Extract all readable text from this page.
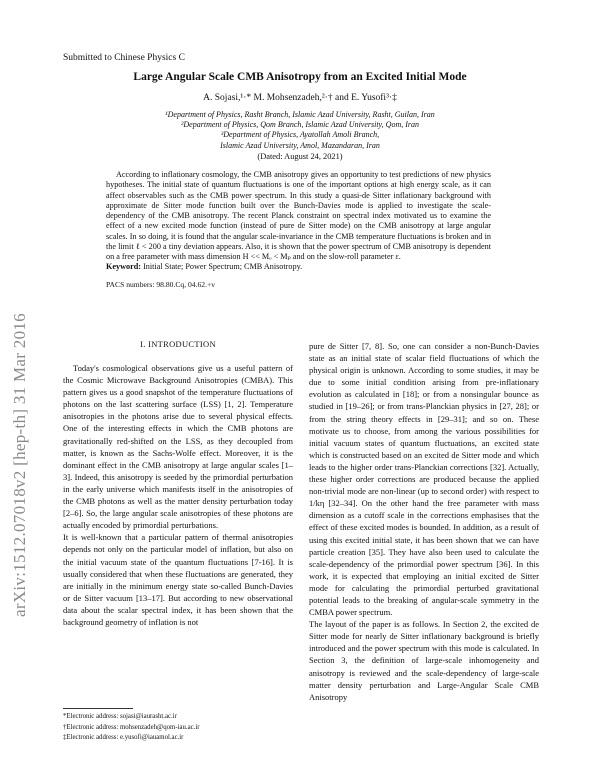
arXiv:1512.07018v2 [hep-th] 31 Mar 2016
Submitted to Chinese Physics C
Large Angular Scale CMB Anisotropy from an Excited Initial Mode
A. Sojasi,¹·* M. Mohsenzadeh,²·† and E. Yusofi³·‡
¹Department of Physics, Rasht Branch, Islamic Azad University, Rasht, Guilan, Iran
²Department of Physics, Qom Branch, Islamic Azad University, Qom, Iran
³Department of Physics, Ayatollah Amoli Branch,
Islamic Azad University, Amol, Mazandaran, Iran
(Dated: August 24, 2021)
According to inflationary cosmology, the CMB anisotropy gives an opportunity to test predictions of new physics hypotheses. The initial state of quantum fluctuations is one of the important options at high energy scale, as it can affect observables such as the CMB power spectrum. In this study a quasi-de Sitter inflationary background with approximate de Sitter mode function built over the Bunch-Davies mode is applied to investigate the scale-dependency of the CMB anisotropy. The recent Planck constraint on spectral index motivated us to examine the effect of a new excited mode function (instead of pure de Sitter mode) on the CMB anisotropy at large angular scales. In so doing, it is found that the angular scale-invariance in the CMB temperature fluctuations is broken and in the limit ℓ < 200 a tiny deviation appears. Also, it is shown that the power spectrum of CMB anisotropy is dependent on a free parameter with mass dimension H << Mₒ < Mₚ and on the slow-roll parameter ε.
Keyword: Initial State; Power Spectrum; CMB Anisotropy.
PACS numbers: 98.80.Cq, 04.62.+v
I. INTRODUCTION

Today's cosmological observations give us a useful pattern of the Cosmic Microwave Background Anisotropies (CMBA). This pattern gives us a good snapshot of the temperature fluctuations of photons on the last scattering surface (LSS) [1, 2]. Temperature anisotropies in the photons arise due to several physical effects. One of the interesting effects in which the CMB photons are gravitationally red-shifted on the LSS, as they decoupled from matter, is known as the Sachs-Wolfe effect. Moreover, it is the dominant effect in the CMB anisotropy at large angular scales [1–3]. Indeed, this anisotropy is seeded by the primordial perturbation in the early universe which manifests itself in the anisotropies of the CMB photons as well as the matter density perturbation today [2–6]. So, the large angular scale anisotropies of these photons are actually encoded by primordial perturbations.

It is well-known that a particular pattern of thermal anisotropies depends not only on the particular model of inflation, but also on the initial vacuum state of the quantum fluctuations [7-16]. It is usually considered that when these fluctuations are generated, they are initially in the minimum energy state so-called Bunch-Davies or de Sitter vacuum [13–17]. But according to new observational data about the scalar spectral index, it has been shown that the background geometry of inflation is not

pure de Sitter [7, 8]. So, one can consider a non-Bunch-Davies state as an initial state of scalar field fluctuations of which the physical origin is unknown. According to some studies, it may be due to some initial condition arising from pre-inflationary evolution as calculated in [18]; or from a nonsingular bounce as studied in [19–26]; or from trans-Planckian physics in [27, 28]; or from the string theory effects in [29–31]; and so on. These motivate us to choose, from among the various possibilities for initial vacuum states of quantum fluctuations, an excited state which is constructed based on an excited de Sitter mode and which leads to the higher order trans-Planckian corrections [32]. Actually, these higher order corrections are produced because the applied non-trivial mode are non-linear (up to second order) with respect to 1/kη [32–34]. On the other hand the free parameter with mass dimension as a cutoff scale in the corrections emphasises that the effect of these excited modes is bounded. In addition, as a result of using this excited initial state, it has been shown that we can have particle creation [35]. They have also been used to calculate the scale-dependency of the primordial power spectrum [36]. In this work, it is expected that employing an initial excited de Sitter mode for calculating the primordial perturbed gravitational potential leads to the breaking of angular-scale symmetry in the CMBA power spectrum.

The layout of the paper is as follows. In Section 2, the excited de Sitter mode for nearly de Sitter inflationary background is briefly introduced and the power spectrum with this mode is calculated. In Section 3, the definition of large-scale inhomogeneity and anisotropy is reviewed and the scale-dependency of large-scale matter density perturbation and Large-Angular Scale CMB Anisotropy

*Electronic address: sojasi@iaurasht.ac.ir
†Electronic address: mohsenzadeh@qom-iau.ac.ir
‡Electronic address: e.yusofi@iauamol.ac.ir
